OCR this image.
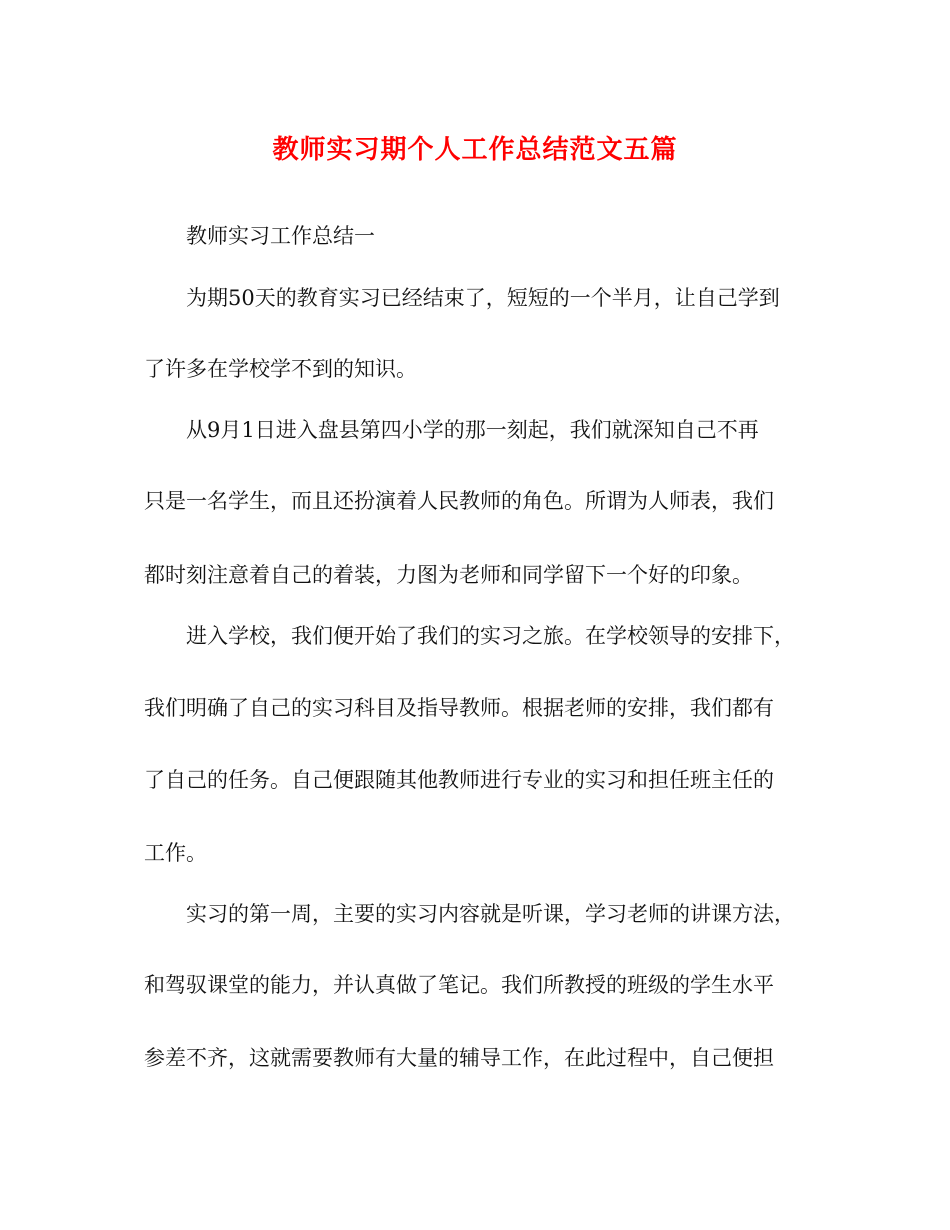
教师实习期个人工作总结范文五篇
教师实习工作总结一
为期50天的教育实习已经结束了，短短的一个半月，让自己学到
了许多在学校学不到的知识。
从9月1日进入盘县第四小学的那一刻起，我们就深知自己不再
只是一名学生，而且还扮演着人民教师的角色。所谓为人师表，我们
都时刻注意着自己的着装，力图为老师和同学留下一个好的印象。
进入学校，我们便开始了我们的实习之旅。在学校领导的安排下，
我们明确了自己的实习科目及指导教师。根据老师的安排，我们都有
了自己的任务。自己便跟随其他教师进行专业的实习和担任班主任的
工作。
实习的第一周，主要的实习内容就是听课，学习老师的讲课方法，
和驾驭课堂的能力，并认真做了笔记。我们所教授的班级的学生水平
参差不齐，这就需要教师有大量的辅导工作，在此过程中，自己便担
